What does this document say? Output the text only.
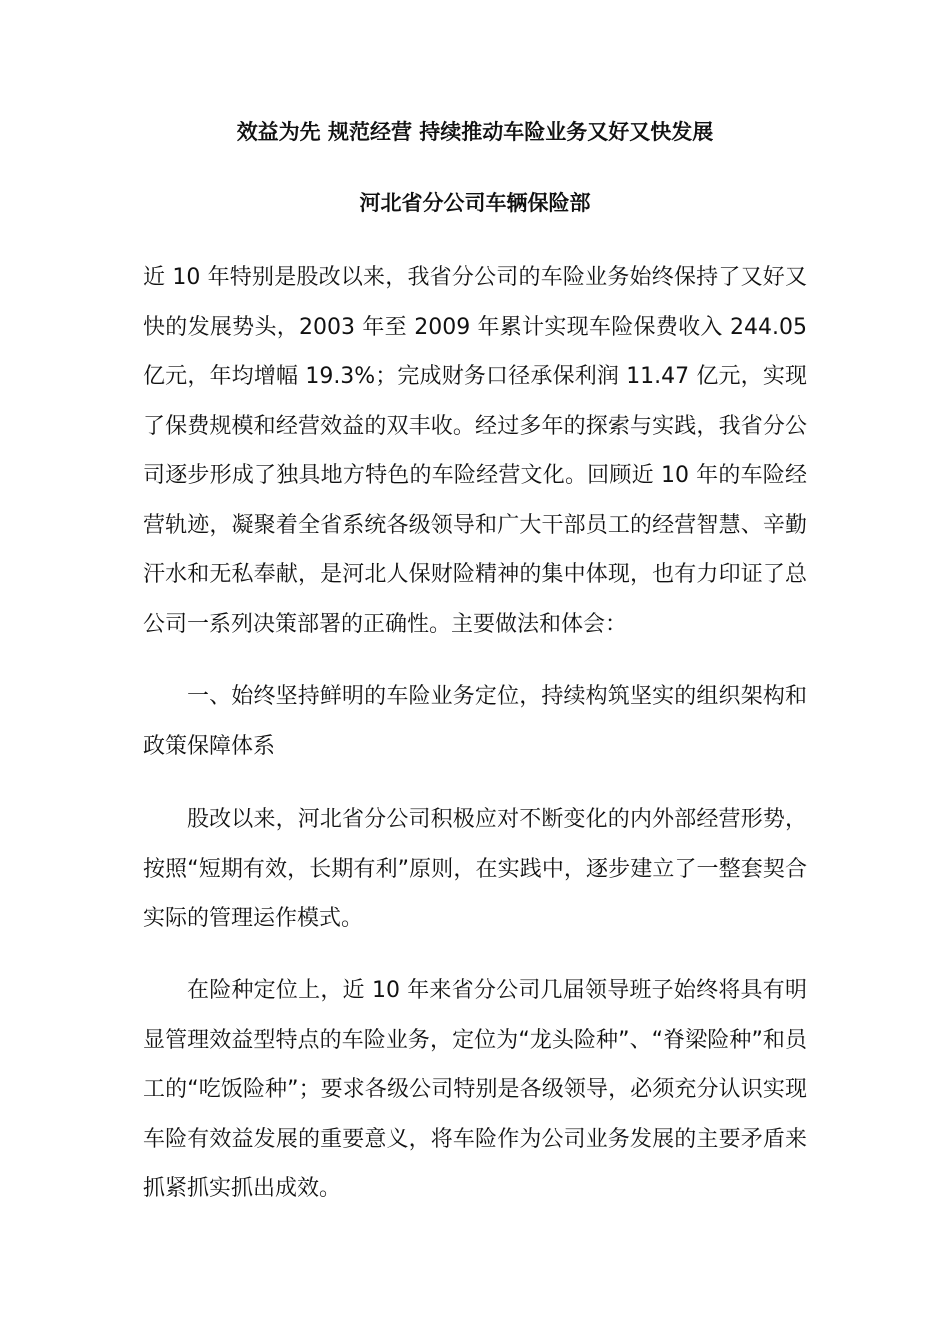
效益为先 规范经营 持续推动车险业务又好又快发展
河北省分公司车辆保险部

近 10 年特别是股改以来，我省分公司的车险业务始终保持了又好又快的发展势头，2003 年至 2009 年累计实现车险保费收入 244.05 亿元，年均增幅 19.3%；完成财务口径承保利润 11.47 亿元，实现了保费规模和经营效益的双丰收。经过多年的探索与实践，我省分公司逐步形成了独具地方特色的车险经营文化。回顾近 10 年的车险经营轨迹，凝聚着全省系统各级领导和广大干部员工的经营智慧、辛勤汗水和无私奉献，是河北人保财险精神的集中体现，也有力印证了总公司一系列决策部署的正确性。主要做法和体会：

一、始终坚持鲜明的车险业务定位，持续构筑坚实的组织架构和政策保障体系

股改以来，河北省分公司积极应对不断变化的内外部经营形势，按照“短期有效，长期有利”原则，在实践中，逐步建立了一整套契合实际的管理运作模式。

在险种定位上，近 10 年来省分公司几届领导班子始终将具有明显管理效益型特点的车险业务，定位为“龙头险种”、“脊梁险种”和员工的“吃饭险种”；要求各级公司特别是各级领导，必须充分认识实现车险有效益发展的重要意义，将车险作为公司业务发展的主要矛盾来抓紧抓实抓出成效。
